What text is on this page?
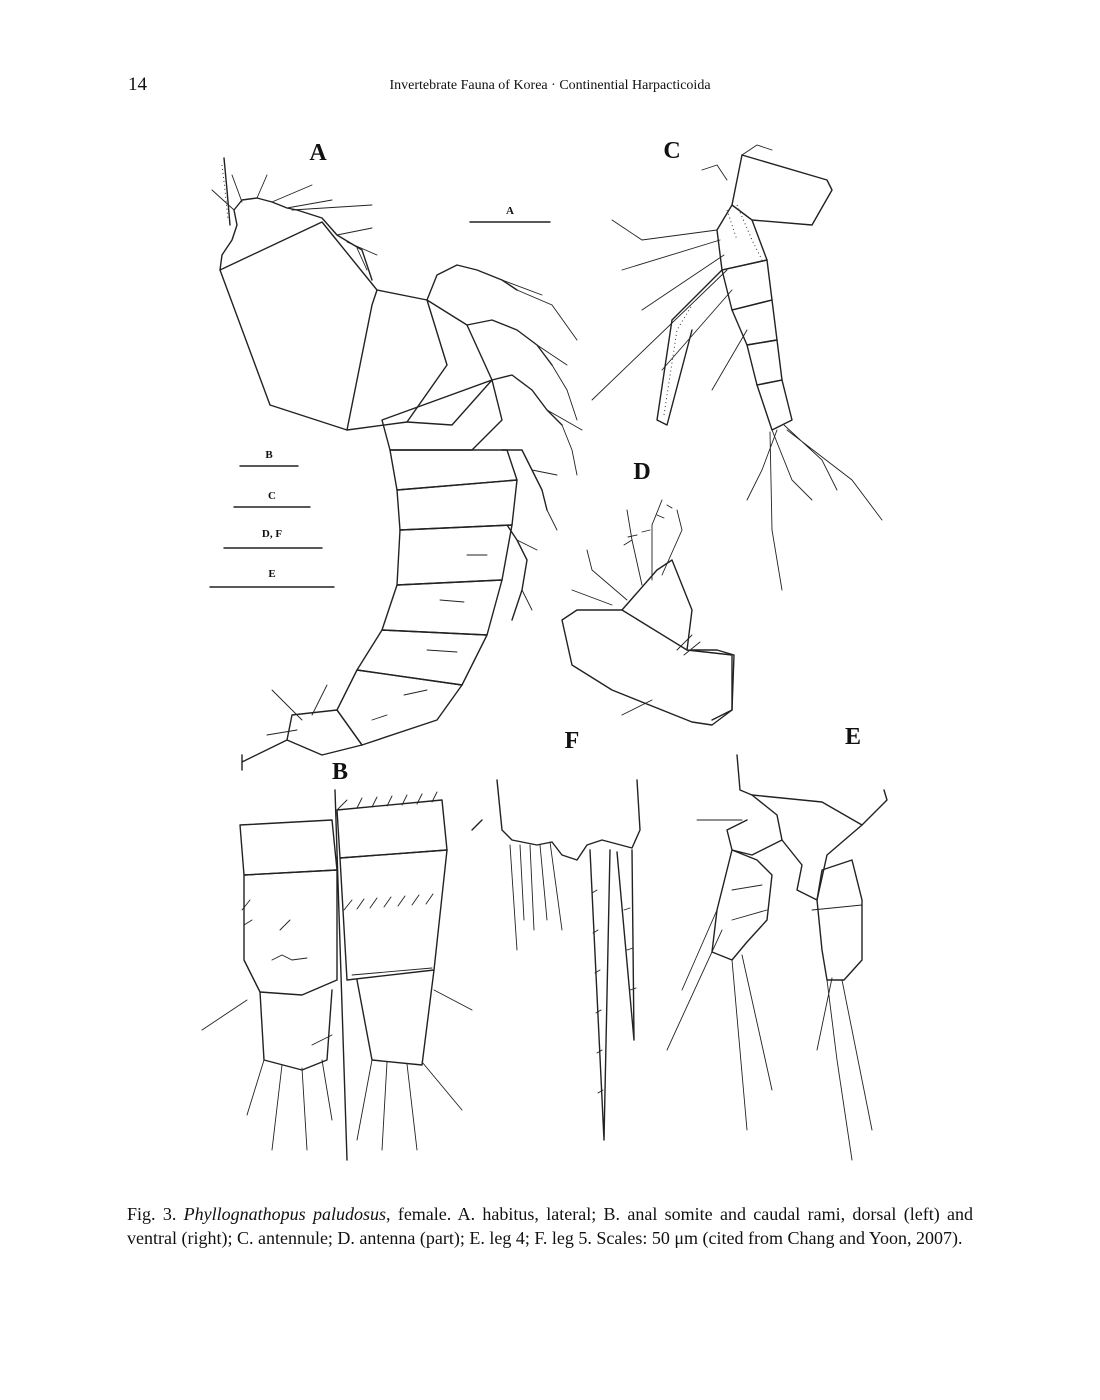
14	Invertebrate Fauna of Korea · Continential Harpacticoida
A
B
C
D, F
E
A	C
D
F	E
B
Fig. 3. Phyllognathopus paludosus, female. A. habitus, lateral; B. anal somite and caudal rami, dorsal (left) and ventral (right); C. antennule; D. antenna (part); E. leg 4; F. leg 5. Scales: 50 μm (cited from Chang and Yoon, 2007).
